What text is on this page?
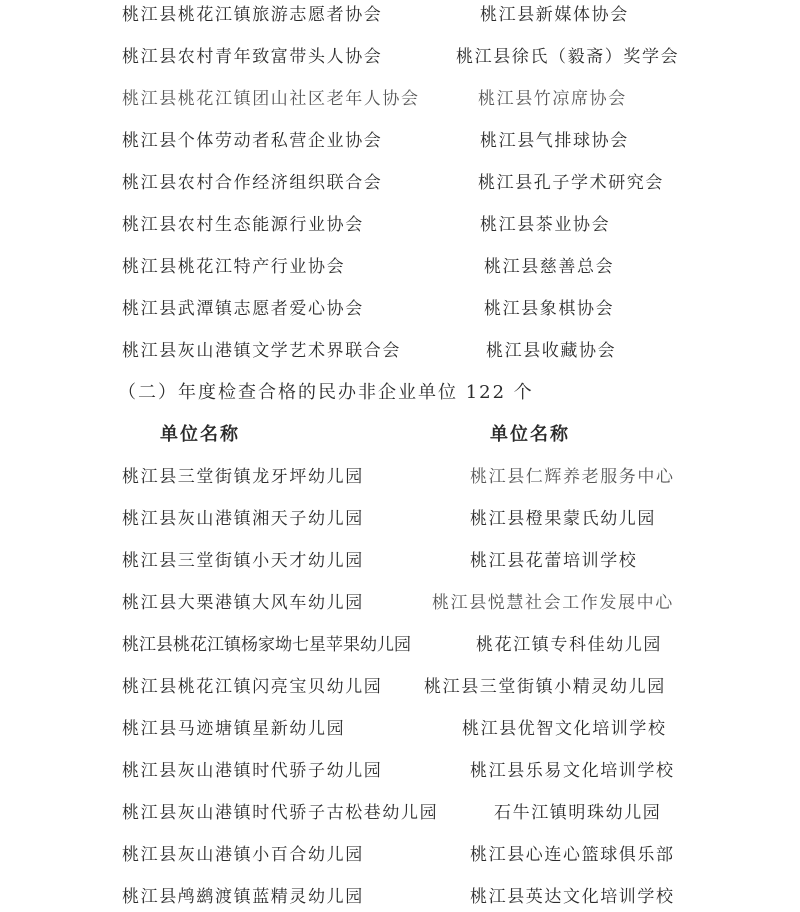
桃江县桃花江镇旅游志愿者协会	桃江县新媒体协会
桃江县农村青年致富带头人协会	桃江县徐氏（毅斋）奖学会
桃江县桃花江镇团山社区老年人协会	桃江县竹凉席协会
桃江县个体劳动者私营企业协会	桃江县气排球协会
桃江县农村合作经济组织联合会	桃江县孔子学术研究会
桃江县农村生态能源行业协会	桃江县茶业协会
桃江县桃花江特产行业协会	桃江县慈善总会
桃江县武潭镇志愿者爱心协会	桃江县象棋协会
桃江县灰山港镇文学艺术界联合会	桃江县收藏协会
（二）年度检查合格的民办非企业单位 122 个
单位名称	单位名称
桃江县三堂街镇龙牙坪幼儿园	桃江县仁辉养老服务中心
桃江县灰山港镇湘天子幼儿园	桃江县橙果蒙氏幼儿园
桃江县三堂街镇小天才幼儿园	桃江县花蕾培训学校
桃江县大栗港镇大风车幼儿园	桃江县悦慧社会工作发展中心
桃江县桃花江镇杨家坳七星苹果幼儿园	桃花江镇专科佳幼儿园
桃江县桃花江镇闪亮宝贝幼儿园 桃江县三堂街镇小精灵幼儿园
桃江县马迹塘镇星新幼儿园	桃江县优智文化培训学校
桃江县灰山港镇时代骄子幼儿园	桃江县乐易文化培训学校
桃江县灰山港镇时代骄子古松巷幼儿园	石牛江镇明珠幼儿园
桃江县灰山港镇小百合幼儿园	桃江县心连心篮球俱乐部
桃江县鸬鹚渡镇蓝精灵幼儿园	桃江县英达文化培训学校
